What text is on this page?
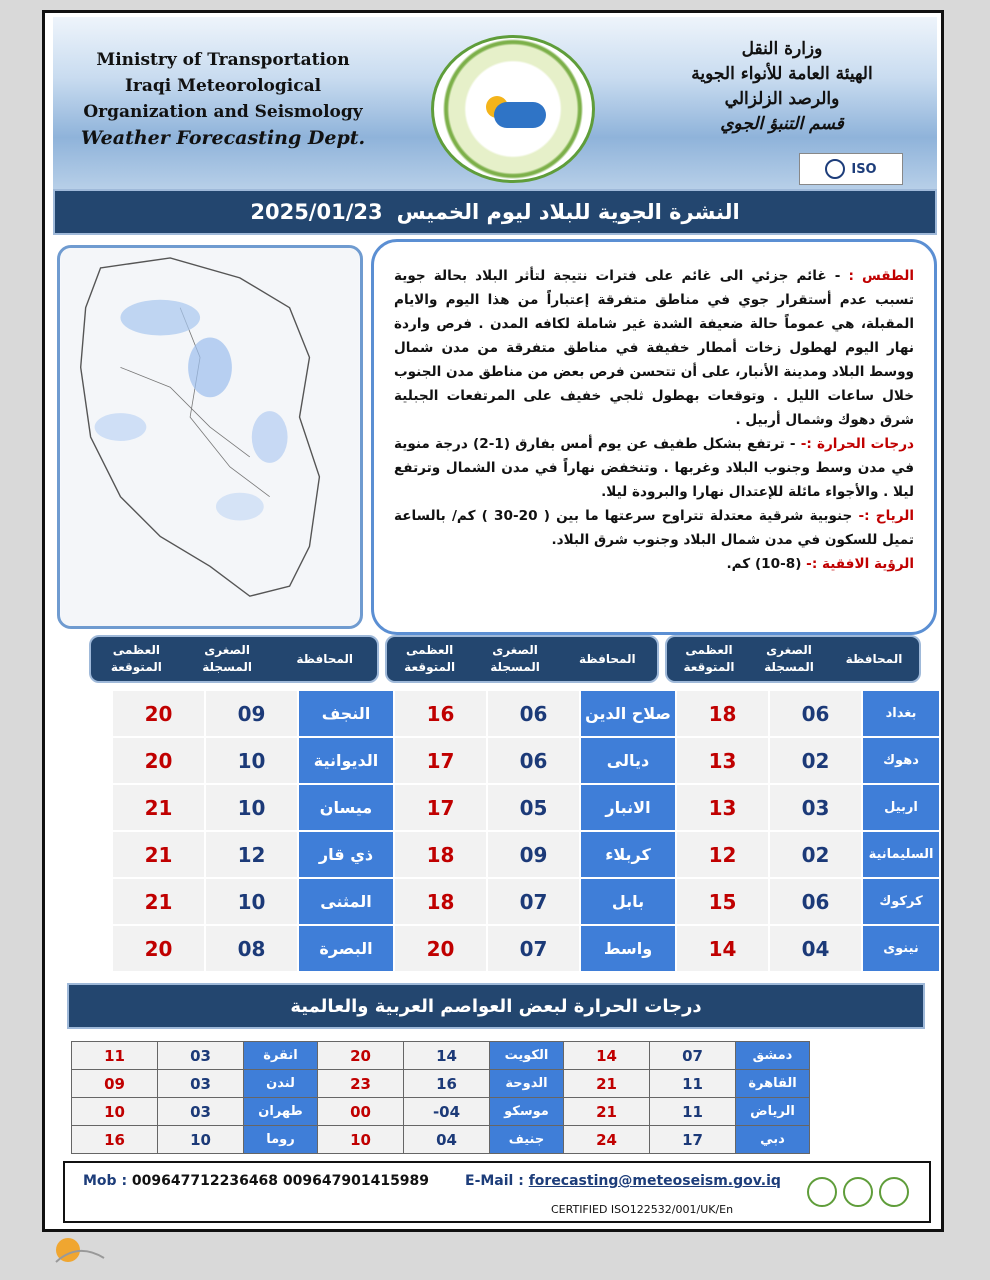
Ministry of Transportation
Iraqi Meteorological
Organization and Seismology
Weather Forecasting Dept.
وزارة النقل
الهيئة العامة للأنواء الجوية
والرصد الزلزالي
قسم التنبؤ الجوي
ISO
النشرة الجوية للبلاد ليوم الخميس
2025/01/23

الطقس : - غائم جزئي الى غائم على فترات نتيجة لتأثر البلاد بحالة جوية تسبب عدم أستقرار جوي في مناطق متفرقة إعتباراً من هذا اليوم والايام المقبلة، هي عموماً حالة ضعيفة الشدة غير شاملة لكافه المدن . فرص واردة نهار اليوم لهطول زخات أمطار خفيفة في مناطق متفرقة من مدن شمال ووسط البلاد ومدينة الأنبار، على أن تتحسن فرص بعض من مناطق مدن الجنوب خلال ساعات الليل . وتوقعات بهطول ثلجي خفيف على المرتفعات الجبلية شرق دهوك وشمال أربيل .

درجات الحرارة :- - ترتفع بشكل طفيف عن يوم أمس بفارق (1-2) درجة منوية في مدن وسط وجنوب البلاد وغربها . وتنخفض نهاراً في مدن الشمال وترتفع ليلا . والأجواء مائلة للإعتدال نهارا والبرودة ليلا.

الرياح :- جنوبية شرقية معتدلة تتراوح سرعتها ما بين ( 20-30 ) كم/ بالساعة تميل للسكون في مدن شمال البلاد وجنوب شرق البلاد.

الرؤية الافقية :- (8-10) كم.

المحافظة
الصغرى المسجلة
العظمى المتوقعة
المحافظة
الصغرى المسجلة
العظمى المتوقعة
المحافظة
الصغرى المسجلة
العظمى المتوقعة
20	09	النجف	16	06	صلاح الدين	18	06	بغداد
20	10	الديوانية	17	06	ديالى	13	02	دهوك
21	10	ميسان	17	05	الانبار	13	03	اربيل
21	12	ذي قار	18	09	كربلاء	12	02	السليمانية
21	10	المثنى	18	07	بابل	15	06	كركوك
20	08	البصرة	20	07	واسط	14	04	نينوى
درجات الحرارة لبعض العواصم العربية والعالمية
11	03	انقرة	20	14	الكويت	14	07	دمشق
09	03	لندن	23	16	الدوحة	21	11	القاهرة
10	03	طهران	00	-04	موسكو	21	11	الرياض
16	10	روما	10	04	جنيف	24	17	دبي
Mob : 009647712236468 009647901415989	E-Mail : forecasting@meteoseism.gov.iq
CERTIFIED ISO122532/001/UK/En
